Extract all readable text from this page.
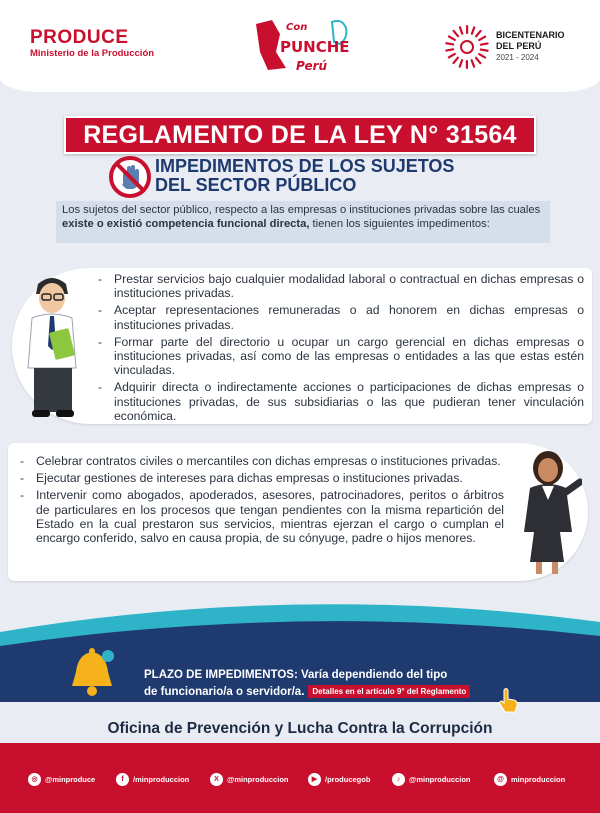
PRODUCE
Ministerio de la Producción
Con
PUNCHE
Perú
BICENTENARIO
DEL PERÚ
2021 - 2024
REGLAMENTO DE LA LEY N° 31564
IMPEDIMENTOS DE LOS SUJETOS
DEL SECTOR PÚBLICO
Los sujetos del sector público, respecto a las empresas o instituciones privadas sobre las cuales existe o existió competencia funcional directa, tienen los siguientes impedimentos:
- Prestar servicios bajo cualquier modalidad laboral o contractual en dichas empresas o instituciones privadas.
- Aceptar representaciones remuneradas o ad honorem en dichas empresas o instituciones privadas.
- Formar parte del directorio u ocupar un cargo gerencial en dichas empresas o instituciones privadas, así como de las empresas o entidades a las que estas estén vinculadas.
- Adquirir directa o indirectamente acciones o participaciones de dichas empresas o instituciones privadas, de sus subsidiarias o las que pudieran tener vinculación económica.
- Celebrar contratos civiles o mercantiles con dichas empresas o instituciones privadas.
- Ejecutar gestiones de intereses para dichas empresas o instituciones privadas.
- Intervenir como abogados, apoderados, asesores, patrocinadores, peritos o árbitros de particulares en los procesos que tengan pendientes con la misma repartición del Estado en la cual prestaron sus servicios, mientras ejerzan el cargo o cumplan el encargo conferido, salvo en causa propia, de su cónyuge, padre o hijos menores.
PLAZO DE IMPEDIMENTOS: Varía dependiendo del tipo
de funcionario/a o servidor/a. Detalles en el artículo 9° del Reglamento
Oficina de Prevención y Lucha Contra la Corrupción
◎ @minproduce	f	/minproduccion	X	@minproduccion	▶	/producegob	♪	@minproduccion	@ minproduccion
